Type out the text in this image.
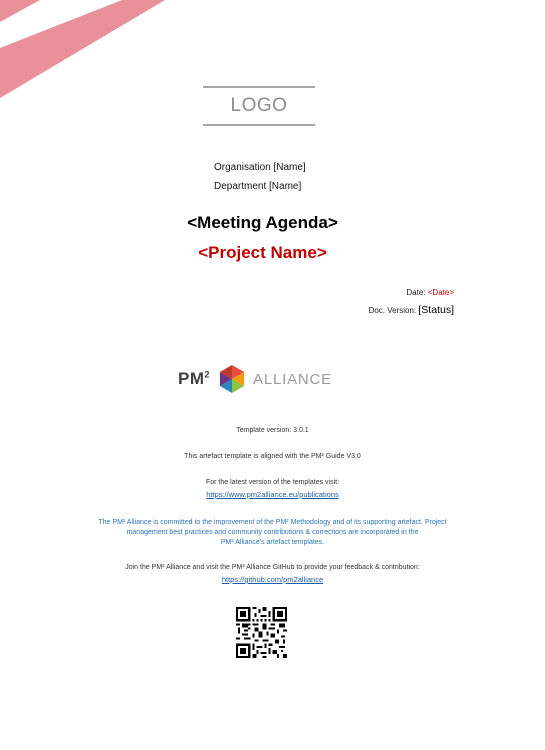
LOGO
Organisation [Name]
Department [Name]
<Meeting Agenda>
<Project Name>
Date: <Date>
Doc. Version: [Status]
$PM^2$	ALLIANCE
Template version: 3.0.1
This artefact template is aligned with the PM² Guide V3.0
For the latest version of the templates visit:
https://www.pm2alliance.eu/publications
The PM² Alliance is committed to the improvement of the PM² Methodology and of its supporting artefact. Project
management best practices and community contributions & corrections are incorporated in the
PM² Alliance's artefact templates.
Join the PM² Alliance and visit the PM² Alliance GitHub to provide your feedback & contribution:
https://github.com/pm2alliance
